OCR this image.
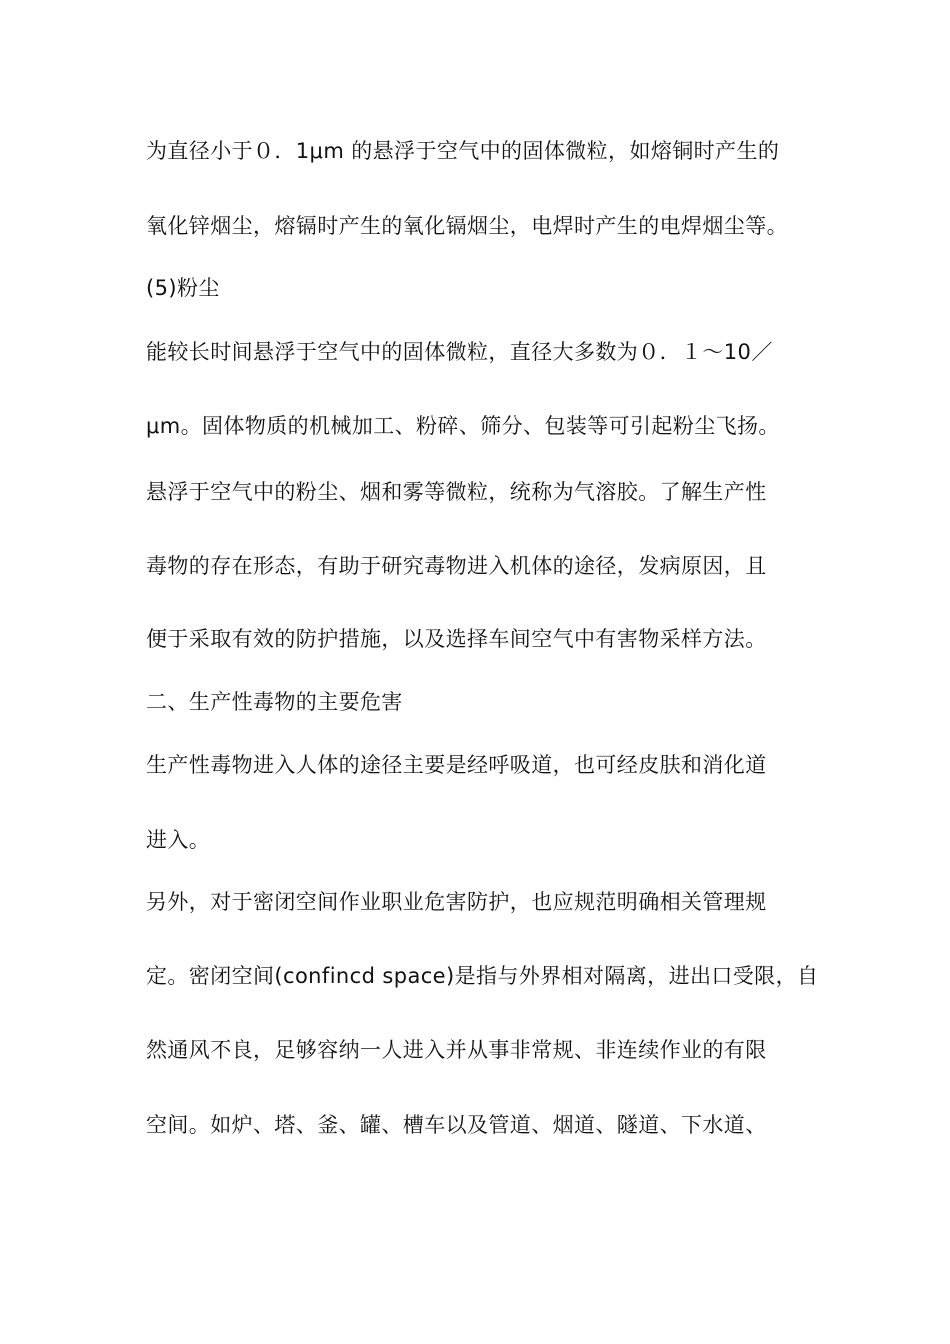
为直径小于０．1μm 的悬浮于空气中的固体微粒，如熔铜时产生的
氧化锌烟尘，熔镉时产生的氧化镉烟尘，电焊时产生的电焊烟尘等。
(5)粉尘
能较长时间悬浮于空气中的固体微粒，直径大多数为０．１～10／
μm。固体物质的机械加工、粉碎、筛分、包装等可引起粉尘飞扬。
悬浮于空气中的粉尘、烟和雾等微粒，统称为气溶胶。了解生产性
毒物的存在形态，有助于研究毒物进入机体的途径，发病原因，且
便于采取有效的防护措施，以及选择车间空气中有害物采样方法。
二、生产性毒物的主要危害
生产性毒物进入人体的途径主要是经呼吸道，也可经皮肤和消化道
进入。
另外，对于密闭空间作业职业危害防护，也应规范明确相关管理规
定。密闭空间(confincd space)是指与外界相对隔离，进出口受限，自
然通风不良，足够容纳一人进入并从事非常规、非连续作业的有限
空间。如炉、塔、釜、罐、槽车以及管道、烟道、隧道、下水道、
